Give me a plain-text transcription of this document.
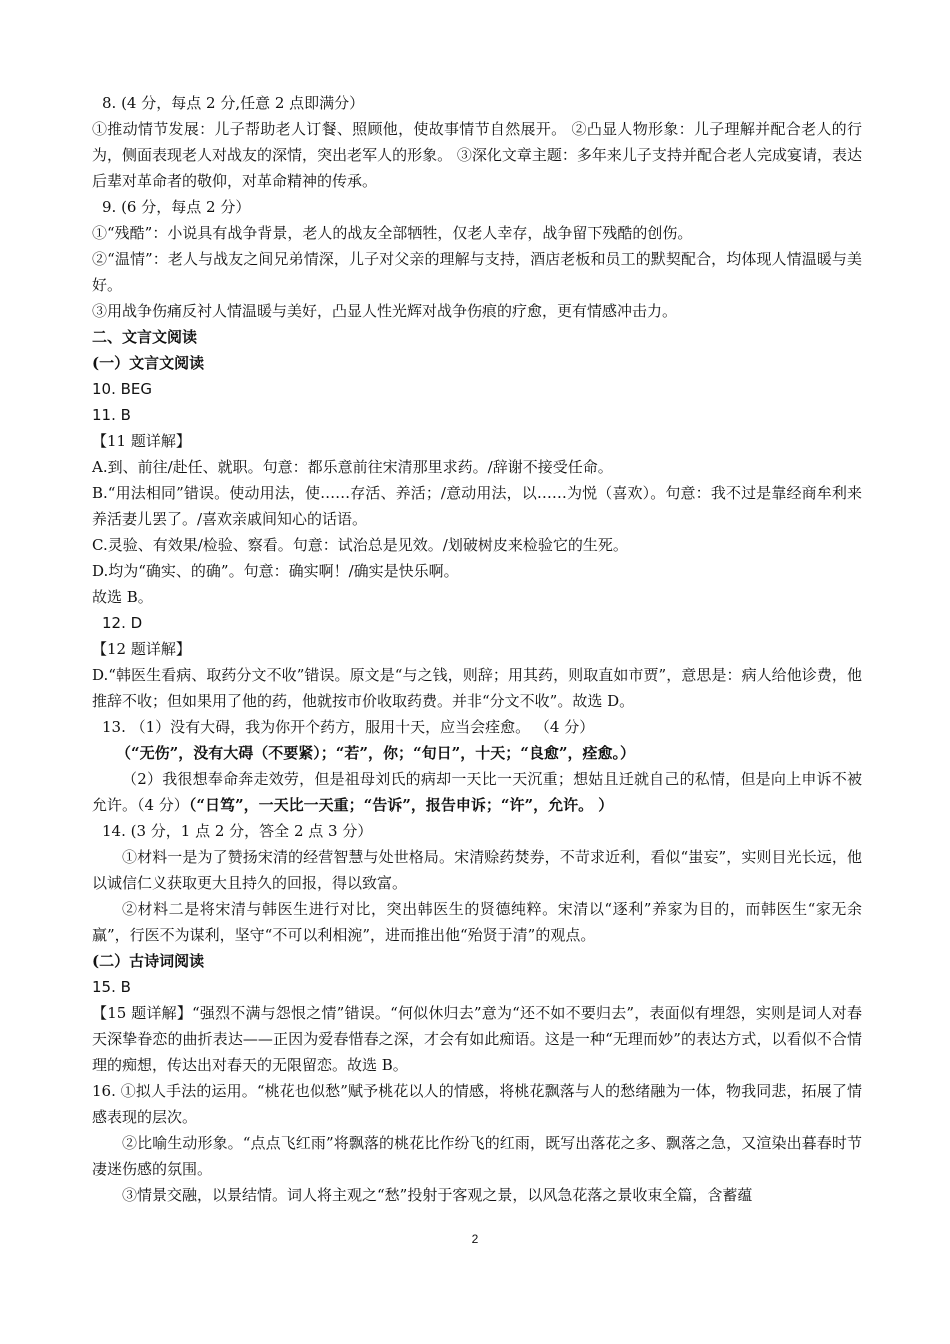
8. (4 分，每点 2 分,任意 2 点即满分）

①推动情节发展：儿子帮助老人订餐、照顾他，使故事情节自然展开。 ②凸显人物形象：儿子理解并配合老人的行为，侧面表现老人对战友的深情，突出老军人的形象。 ③深化文章主题：多年来儿子支持并配合老人完成宴请，表达后辈对革命者的敬仰，对革命精神的传承。

9. (6 分，每点 2 分）

①“残酷”：小说具有战争背景，老人的战友全部牺牲，仅老人幸存，战争留下残酷的创伤。

②“温情”：老人与战友之间兄弟情深，儿子对父亲的理解与支持，酒店老板和员工的默契配合，均体现人情温暖与美好。

③用战争伤痛反衬人情温暖与美好，凸显人性光辉对战争伤痕的疗愈，更有情感冲击力。

二、文言文阅读

(一）文言文阅读

10. BEG

11. B

【11 题详解】

A.到、前往/赴任、就职。句意：都乐意前往宋清那里求药。/辞谢不接受任命。

B.“用法相同”错误。使动用法，使……存活、养活；/意动用法，以……为悦（喜欢）。句意：我不过是靠经商牟利来养活妻儿罢了。/喜欢亲戚间知心的话语。

C.灵验、有效果/检验、察看。句意：试治总是见效。/划破树皮来检验它的生死。

D.均为“确实、的确”。句意：确实啊！/确实是快乐啊。

故选 B。

12. D

【12 题详解】

D.“韩医生看病、取药分文不收”错误。原文是“与之钱，则辞；用其药，则取直如市贾”，意思是：病人给他诊费，他推辞不收；但如果用了他的药，他就按市价收取药费。并非“分文不收”。故选 D。

13. （1）没有大碍，我为你开个药方，服用十天，应当会痊愈。 （4 分）

（“无伤”，没有大碍（不要紧）；“若”，你；“旬日”，十天；“良愈”，痊愈。）

（2）我很想奉命奔走效劳，但是祖母刘氏的病却一天比一天沉重；想姑且迁就自己的私情，但是向上申诉不被允许。（4 分）（“日笃”，一天比一天重；“告诉”，报告申诉；“许”，允许。 ）

14. (3 分，1 点 2 分，答全 2 点 3 分）

①材料一是为了赞扬宋清的经营智慧与处世格局。宋清赊药焚券，不苛求近利，看似“蚩妄”，实则目光长远，他以诚信仁义获取更大且持久的回报，得以致富。

②材料二是将宋清与韩医生进行对比，突出韩医生的贤德纯粹。宋清以“逐利”养家为目的，而韩医生“家无余赢”，行医不为谋利，坚守“不可以利相涴”，进而推出他“殆贤于清”的观点。

(二）古诗词阅读

15. B

【15 题详解】“强烈不满与怨恨之情”错误。“何似休归去”意为“还不如不要归去”，表面似有埋怨，实则是词人对春天深挚眷恋的曲折表达——正因为爱春惜春之深，才会有如此痴语。这是一种“无理而妙”的表达方式，以看似不合情理的痴想，传达出对春天的无限留恋。故选 B。

16. ①拟人手法的运用。“桃花也似愁”赋予桃花以人的情感，将桃花飘落与人的愁绪融为一体，物我同悲，拓展了情感表现的层次。

②比喻生动形象。“点点飞红雨”将飘落的桃花比作纷飞的红雨，既写出落花之多、飘落之急，又渲染出暮春时节凄迷伤感的氛围。

③情景交融，以景结情。词人将主观之“愁”投射于客观之景，以风急花落之景收束全篇，含蓄蕴

2
